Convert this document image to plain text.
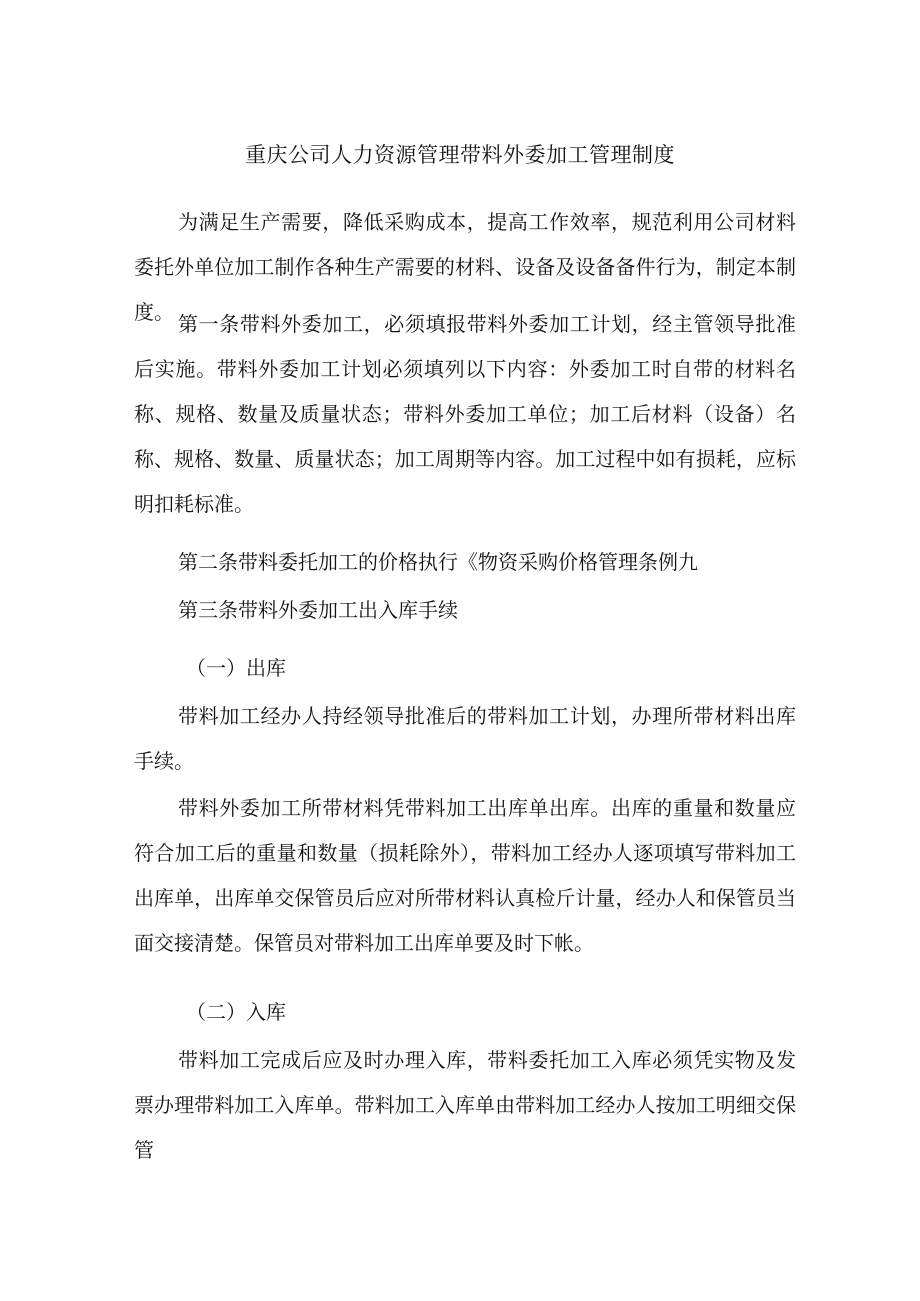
重庆公司人力资源管理带料外委加工管理制度

为满足生产需要，降低采购成本，提高工作效率，规范利用公司材料委托外单位加工制作各种生产需要的材料、设备及设备备件行为，制定本制度。 第一条带料外委加工，必须填报带料外委加工计划，经主管领导批准后实施。带料外委加工计划必须填列以下内容：外委加工时自带的材料名称、规格、数量及质量状态；带料外委加工单位；加工后材料（设备）名称、规格、数量、质量状态；加工周期等内容。加工过程中如有损耗，应标明扣耗标准。

第二条带料委托加工的价格执行《物资采购价格管理条例九

第三条带料外委加工出入库手续

（一）出库

带料加工经办人持经领导批准后的带料加工计划，办理所带材料出库手续。

带料外委加工所带材料凭带料加工出库单出库。出库的重量和数量应符合加工后的重量和数量（损耗除外），带料加工经办人逐项填写带料加工出库单，出库单交保管员后应对所带材料认真检斤计量，经办人和保管员当面交接清楚。保管员对带料加工出库单要及时下帐。

（二）入库

带料加工完成后应及时办理入库，带料委托加工入库必须凭实物及发票办理带料加工入库单。带料加工入库单由带料加工经办人按加工明细交保管
